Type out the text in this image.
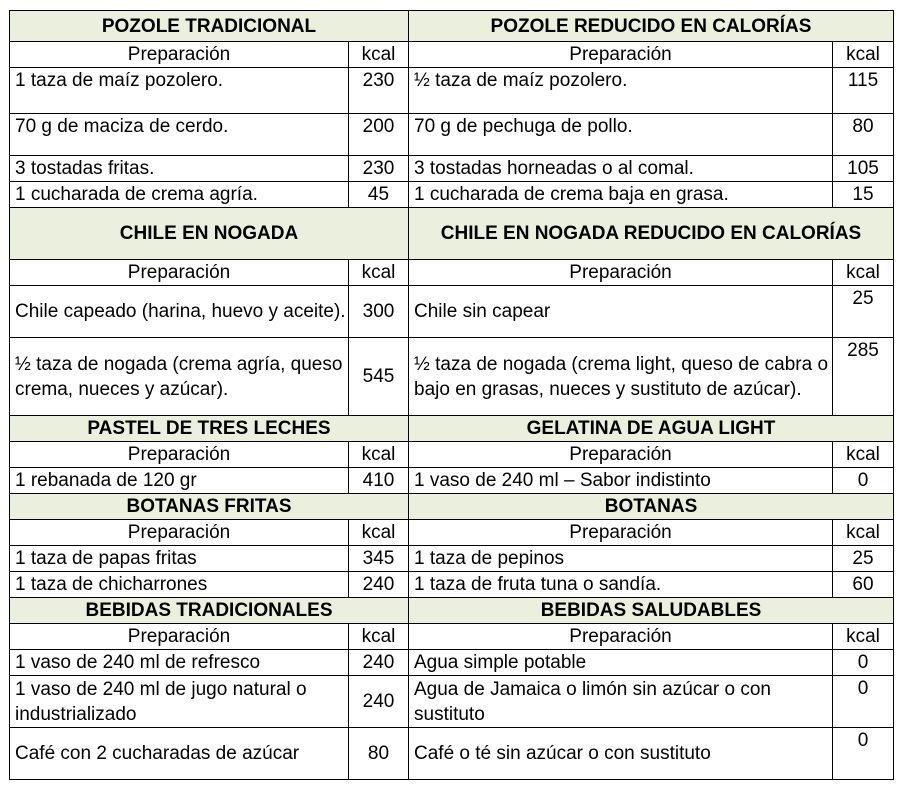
POZOLE TRADICIONAL		POZOLE REDUCIDO EN CALORÍAS	
Preparación	kcal	Preparación	kcal
1 taza de maíz pozolero.	230	½ taza de maíz pozolero.	115
70 g de maciza de cerdo.	200	70 g de pechuga de pollo.	80
3 tostadas fritas.	230	3 tostadas horneadas o al comal.	105
1 cucharada de crema agría.	45	1 cucharada de crema baja en grasa.	15
CHILE EN NOGADA		CHILE EN NOGADA REDUCIDO EN CALORÍAS	
Preparación	kcal	Preparación	kcal
Chile capeado (harina, huevo y aceite).	300	Chile sin capear	25
½ taza de nogada (crema agría, queso crema, nueces y azúcar).	545	½ taza de nogada (crema light, queso de cabra o bajo en grasas, nueces y sustituto de azúcar).	285
PASTEL DE TRES LECHES		GELATINA DE AGUA LIGHT	
Preparación	kcal	Preparación	kcal
1 rebanada de 120 gr	410	1 vaso de 240 ml – Sabor indistinto	0
BOTANAS FRITAS		BOTANAS	
Preparación	kcal	Preparación	kcal
1 taza de papas fritas	345	1 taza de pepinos	25
1 taza de chicharrones	240	1 taza de fruta tuna o sandía.	60
BEBIDAS TRADICIONALES		BEBIDAS SALUDABLES	
Preparación	kcal	Preparación	kcal
1 vaso de 240 ml de refresco	240	Agua simple potable	0
1 vaso de 240 ml de jugo natural o industrializado	240	Agua de Jamaica o limón sin azúcar o con sustituto	0
Café con 2 cucharadas de azúcar	80	Café o té sin azúcar o con sustituto	0
